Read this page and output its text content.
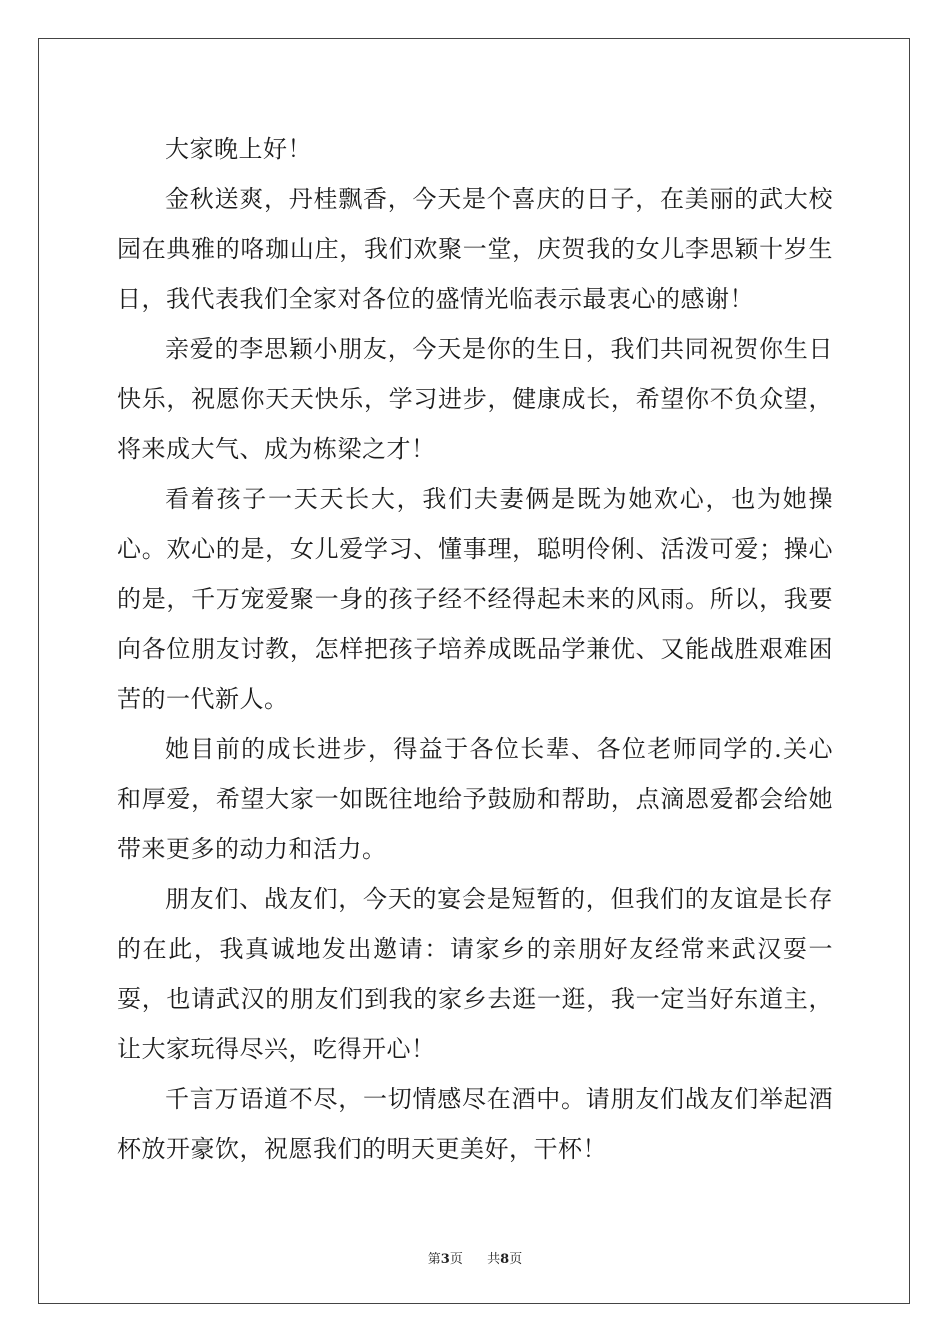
大家晚上好！

金秋送爽，丹桂飘香，今天是个喜庆的日子，在美丽的武大校园在典雅的咯珈山庄，我们欢聚一堂，庆贺我的女儿李思颖十岁生日，我代表我们全家对各位的盛情光临表示最衷心的感谢！

亲爱的李思颖小朋友，今天是你的生日，我们共同祝贺你生日快乐，祝愿你天天快乐，学习进步，健康成长，希望你不负众望，将来成大气、成为栋梁之才！

看着孩子一天天长大，我们夫妻俩是既为她欢心，也为她操心。欢心的是，女儿爱学习、懂事理，聪明伶俐、活泼可爱；操心的是，千万宠爱聚一身的孩子经不经得起未来的风雨。所以，我要向各位朋友讨教，怎样把孩子培养成既品学兼优、又能战胜艰难困苦的一代新人。

她目前的成长进步，得益于各位长辈、各位老师同学的.关心和厚爱，希望大家一如既往地给予鼓励和帮助，点滴恩爱都会给她带来更多的动力和活力。

朋友们、战友们，今天的宴会是短暂的，但我们的友谊是长存的在此，我真诚地发出邀请：请家乡的亲朋好友经常来武汉耍一耍，也请武汉的朋友们到我的家乡去逛一逛，我一定当好东道主，让大家玩得尽兴，吃得开心！

千言万语道不尽，一切情感尽在酒中。请朋友们战友们举起酒杯放开豪饮，祝愿我们的明天更美好，干杯！

第3页 共8页
